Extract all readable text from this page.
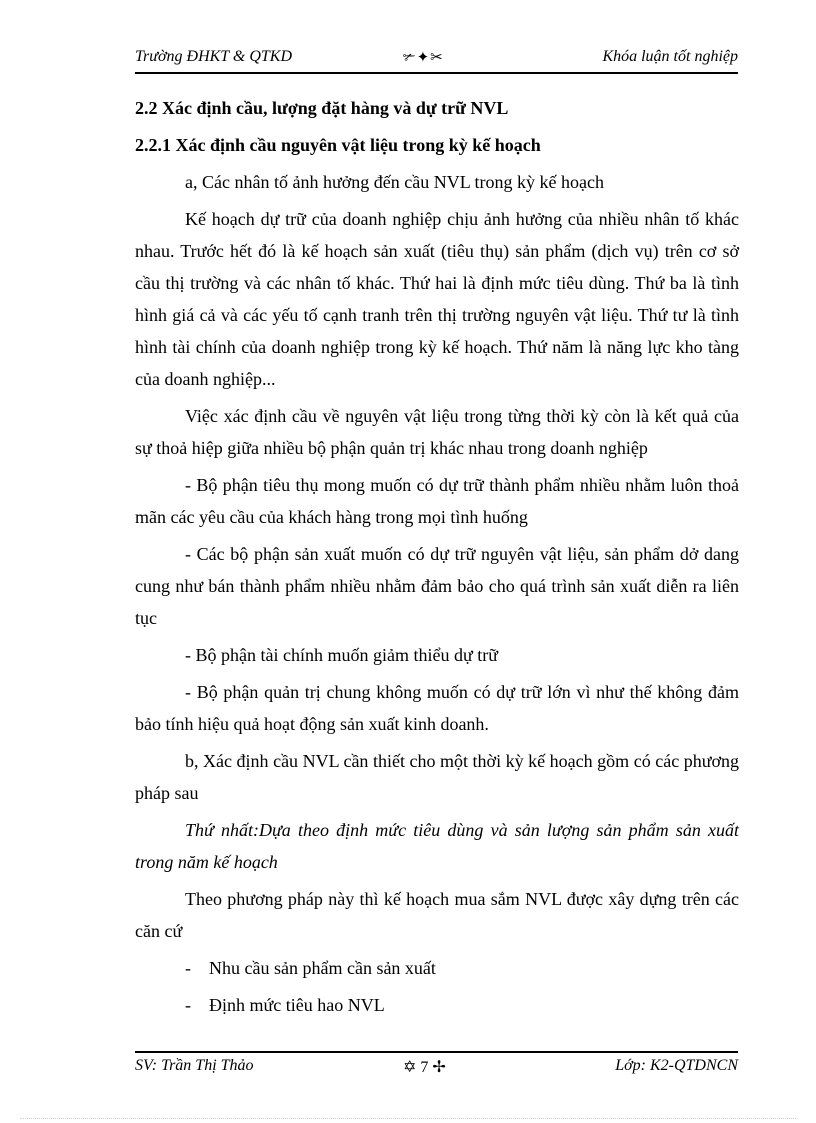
Trường ĐHKT & QTKD	✃✦✂	Khóa luận tốt nghiệp
2.2 Xác định cầu, lượng đặt hàng và dự trữ NVL
2.2.1 Xác định cầu nguyên vật liệu trong kỳ kế hoạch
a, Các nhân tố ảnh hưởng đến cầu NVL trong kỳ kế hoạch
Kế hoạch dự trữ của doanh nghiệp chịu ảnh hưởng của nhiều nhân tố khác nhau. Trước hết đó là kế hoạch sản xuất (tiêu thụ) sản phẩm (dịch vụ) trên cơ sở cầu thị trường và các nhân tố khác. Thứ hai là định mức tiêu dùng. Thứ ba là tình hình giá cả và các yếu tố cạnh tranh trên thị trường nguyên vật liệu. Thứ tư là tình hình tài chính của doanh nghiệp trong kỳ kế hoạch. Thứ năm là năng lực kho tàng của doanh nghiệp...
Việc xác định cầu về nguyên vật liệu trong từng thời kỳ còn là kết quả của sự thoả hiệp giữa nhiều bộ phận quản trị khác nhau trong doanh nghiệp
- Bộ phận tiêu thụ mong muốn có dự trữ thành phẩm nhiều nhằm luôn thoả mãn các yêu cầu của khách hàng trong mọi tình huống
- Các bộ phận sản xuất muốn có dự trữ nguyên vật liệu, sản phẩm dở dang cung như bán thành phẩm nhiều nhằm đảm bảo cho quá trình sản xuất diễn ra liên tục
- Bộ phận tài chính muốn giảm thiểu dự trữ
- Bộ phận quản trị chung không muốn có dự trữ lớn vì như thế không đảm bảo tính hiệu quả hoạt động sản xuất kinh doanh.
b, Xác định cầu NVL cần thiết cho một thời kỳ kế hoạch gồm có các phương pháp sau
Thứ nhất:Dựa theo định mức tiêu dùng và sản lượng sản phẩm sản xuất trong năm kế hoạch
Theo phương pháp này thì kế hoạch mua sắm NVL được xây dựng trên các căn cứ
- Nhu cầu sản phẩm cần sản xuất
- Định mức tiêu hao NVL
SV: Trần Thị Thảo	✡ 7 ✢	Lớp: K2-QTDNCN
